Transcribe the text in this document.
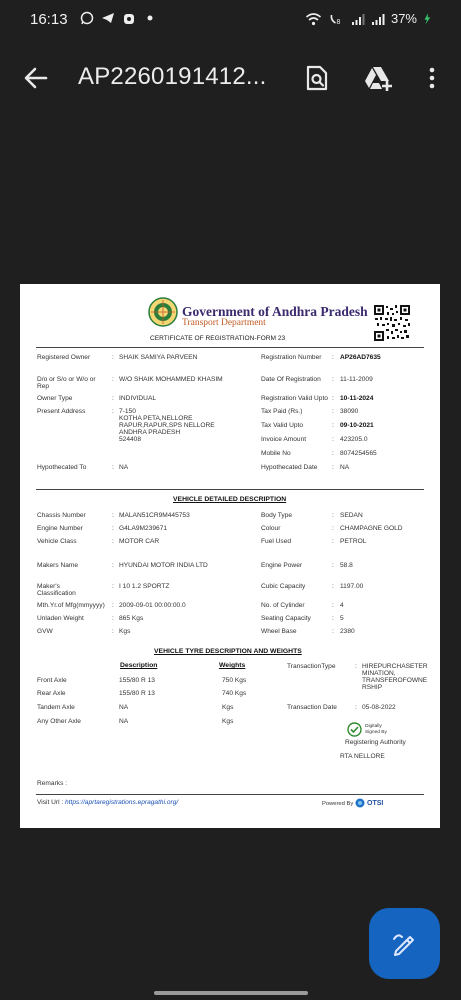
16:13	8	37%
AP2260191412...
Government of Andhra Pradesh
Transport Department
CERTIFICATE OF REGISTRATION-FORM 23
Registered Owner	: SHAIK SAMIYA PARVEEN
D/o or S/o or W/o or
Rep
: W/O SHAIK MOHAMMED KHASIM
Owner Type	: INDIVIDUAL
Present Address	: 7-150
KOTHA PETA,NELLORE
RAPUR,RAPUR,SPS NELLORE
ANDHRA PRADESH
524408
Hypothecated To	: NA
Registration Number : AP26AD7635
Date Of Registration : 11-11-2009
Registration Valid Upto : 10-11-2024
Tax Paid (Rs.)	: 38090
Tax Valid Upto	: 09-10-2021
Invoice Amount	: 423205.0
Mobile No	: 8074254565
Hypothecated Date : NA
VEHICLE DETAILED DESCRIPTION
Chassis Number	: MALAN51CR9M445753
Engine Number	: G4LA9M239671
Vehicle Class	: MOTOR CAR
Makers Name	: HYUNDAI MOTOR INDIA LTD
Maker's
Classification
: I 10 1.2 SPORTZ
Mth.Yr.of Mfg(mmyyyy) : 2009-09-01 00:00:00.0
Unladen Weight	: 865 Kgs
GVW	: Kgs
Body Type	: SEDAN
Colour	: CHAMPAGNE GOLD
Fuel Used	: PETROL
Engine Power	: 58.8
Cubic Capacity	: 1197.00
No. of Cylinder	: 4
Seating Capacity	: 5
Wheel Base	: 2380
VEHICLE TYRE DESCRIPTION AND WEIGHTS
Description	Weights
Front Axle	155/80 R 13	750 Kgs
Rear Axle	155/80 R 13	740 Kgs
Tandem Axle	NA	Kgs
Any Other Axle	NA	Kgs
TransactionType	: HIREPURCHASETER
MINATION,
TRANSFEROFOWNE
RSHIP
Transaction Date	: 05-08-2022
Digitally
Signed By
Registering Authority
RTA NELLORE
Remarks :
Visit Url : https://aprtaregistrations.epragathi.org/	Powered By OTSI
